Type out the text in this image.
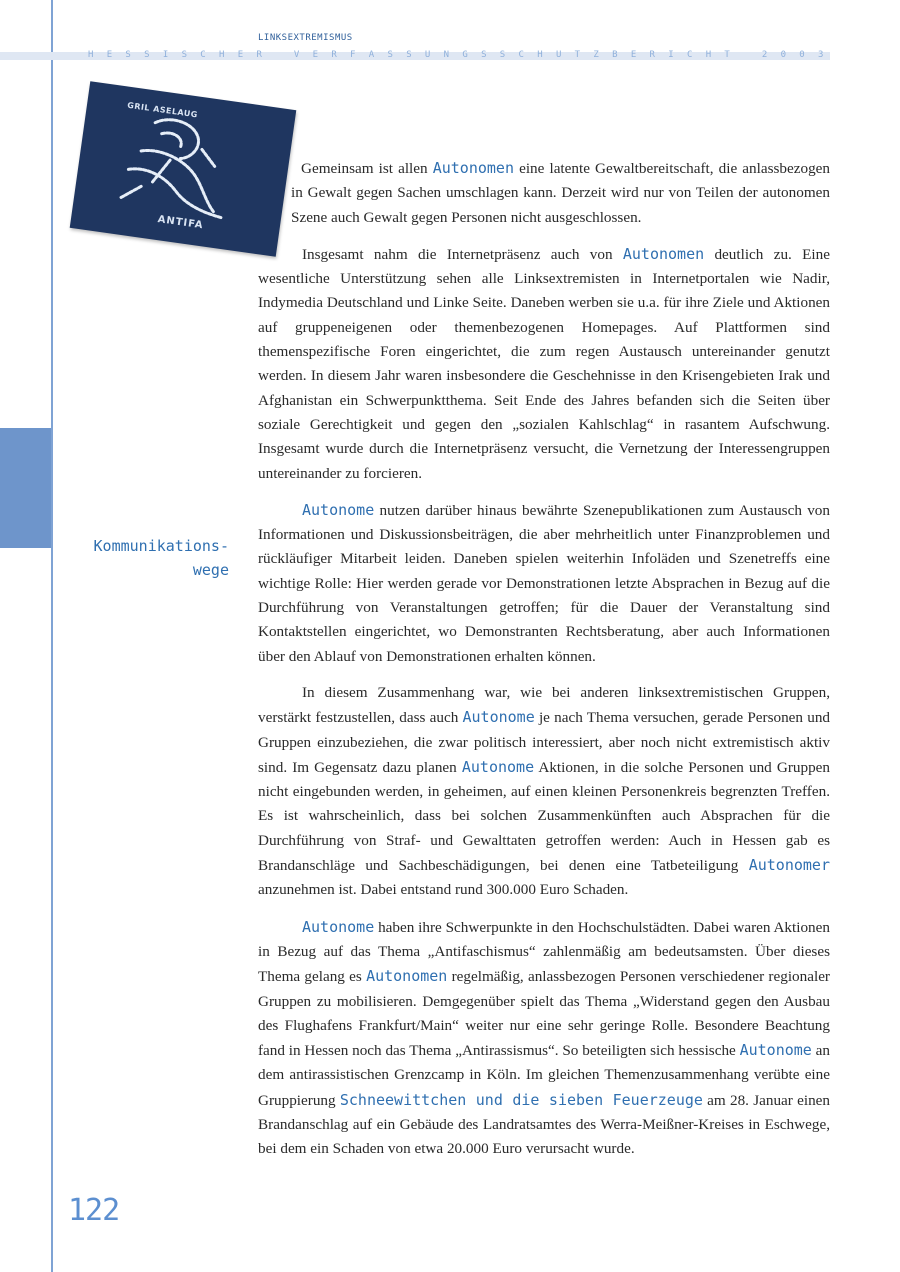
LINKSEXTREMISMUS
HESSISCHER VERFASSUNGSSCHUTZBERICHT 2003
GRIL ASELAUG
ANTIFA
Kommunikations-
wege

Gemeinsam ist allen Autonomen eine latente Gewaltbereitschaft, die anlassbezogen in Gewalt gegen Sachen umschlagen kann. Derzeit wird nur von Teilen der autonomen Szene auch Gewalt gegen Personen nicht ausgeschlossen.

Insgesamt nahm die Internetpräsenz auch von Autonomen deutlich zu. Eine wesentliche Unterstützung sehen alle Linksextremisten in Internetportalen wie Nadir, Indymedia Deutschland und Linke Seite. Daneben werben sie u.a. für ihre Ziele und Aktionen auf gruppeneigenen oder themenbezogenen Homepages. Auf Plattformen sind themenspezifische Foren eingerichtet, die zum regen Austausch untereinander genutzt werden. In diesem Jahr waren insbesondere die Geschehnisse in den Krisengebieten Irak und Afghanistan ein Schwerpunktthema. Seit Ende des Jahres befanden sich die Seiten über soziale Gerechtigkeit und gegen den „sozialen Kahlschlag“ in rasantem Aufschwung. Insgesamt wurde durch die Internetpräsenz versucht, die Vernetzung der Interessengruppen untereinander zu forcieren.

Autonome nutzen darüber hinaus bewährte Szenepublikationen zum Austausch von Informationen und Diskussionsbeiträgen, die aber mehrheitlich unter Finanzproblemen und rückläufiger Mitarbeit leiden. Daneben spielen weiterhin Infoläden und Szenetreffs eine wichtige Rolle: Hier werden gerade vor Demonstrationen letzte Absprachen in Bezug auf die Durchführung von Veranstaltungen getroffen; für die Dauer der Veranstaltung sind Kontaktstellen eingerichtet, wo Demonstranten Rechtsberatung, aber auch Informationen über den Ablauf von Demonstrationen erhalten können.

In diesem Zusammenhang war, wie bei anderen linksextremistischen Gruppen, verstärkt festzustellen, dass auch Autonome je nach Thema versuchen, gerade Personen und Gruppen einzubeziehen, die zwar politisch interessiert, aber noch nicht extremistisch aktiv sind. Im Gegensatz dazu planen Autonome Aktionen, in die solche Personen und Gruppen nicht eingebunden werden, in geheimen, auf einen kleinen Personenkreis begrenzten Treffen. Es ist wahrscheinlich, dass bei solchen Zusammenkünften auch Absprachen für die Durchführung von Straf- und Gewalttaten getroffen werden: Auch in Hessen gab es Brandanschläge und Sachbeschädigungen, bei denen eine Tatbeteiligung Autonomer anzunehmen ist. Dabei entstand rund 300.000 Euro Schaden.

Autonome haben ihre Schwerpunkte in den Hochschulstädten. Dabei waren Aktionen in Bezug auf das Thema „Antifaschismus“ zahlenmäßig am bedeutsamsten. Über dieses Thema gelang es Autonomen regelmäßig, anlassbezogen Personen verschiedener regionaler Gruppen zu mobilisieren. Demgegenüber spielt das Thema „Widerstand gegen den Ausbau des Flughafens Frankfurt/Main“ weiter nur eine sehr geringe Rolle. Besondere Beachtung fand in Hessen noch das Thema „Antirassismus“. So beteiligten sich hessische Autonome an dem antirassistischen Grenzcamp in Köln. Im gleichen Themenzusammenhang verübte eine Gruppierung Schneewittchen und die sieben Feuerzeuge am 28. Januar einen Brandanschlag auf ein Gebäude des Landratsamtes des Werra-Meißner-Kreises in Eschwege, bei dem ein Schaden von etwa 20.000 Euro verursacht wurde.

122
